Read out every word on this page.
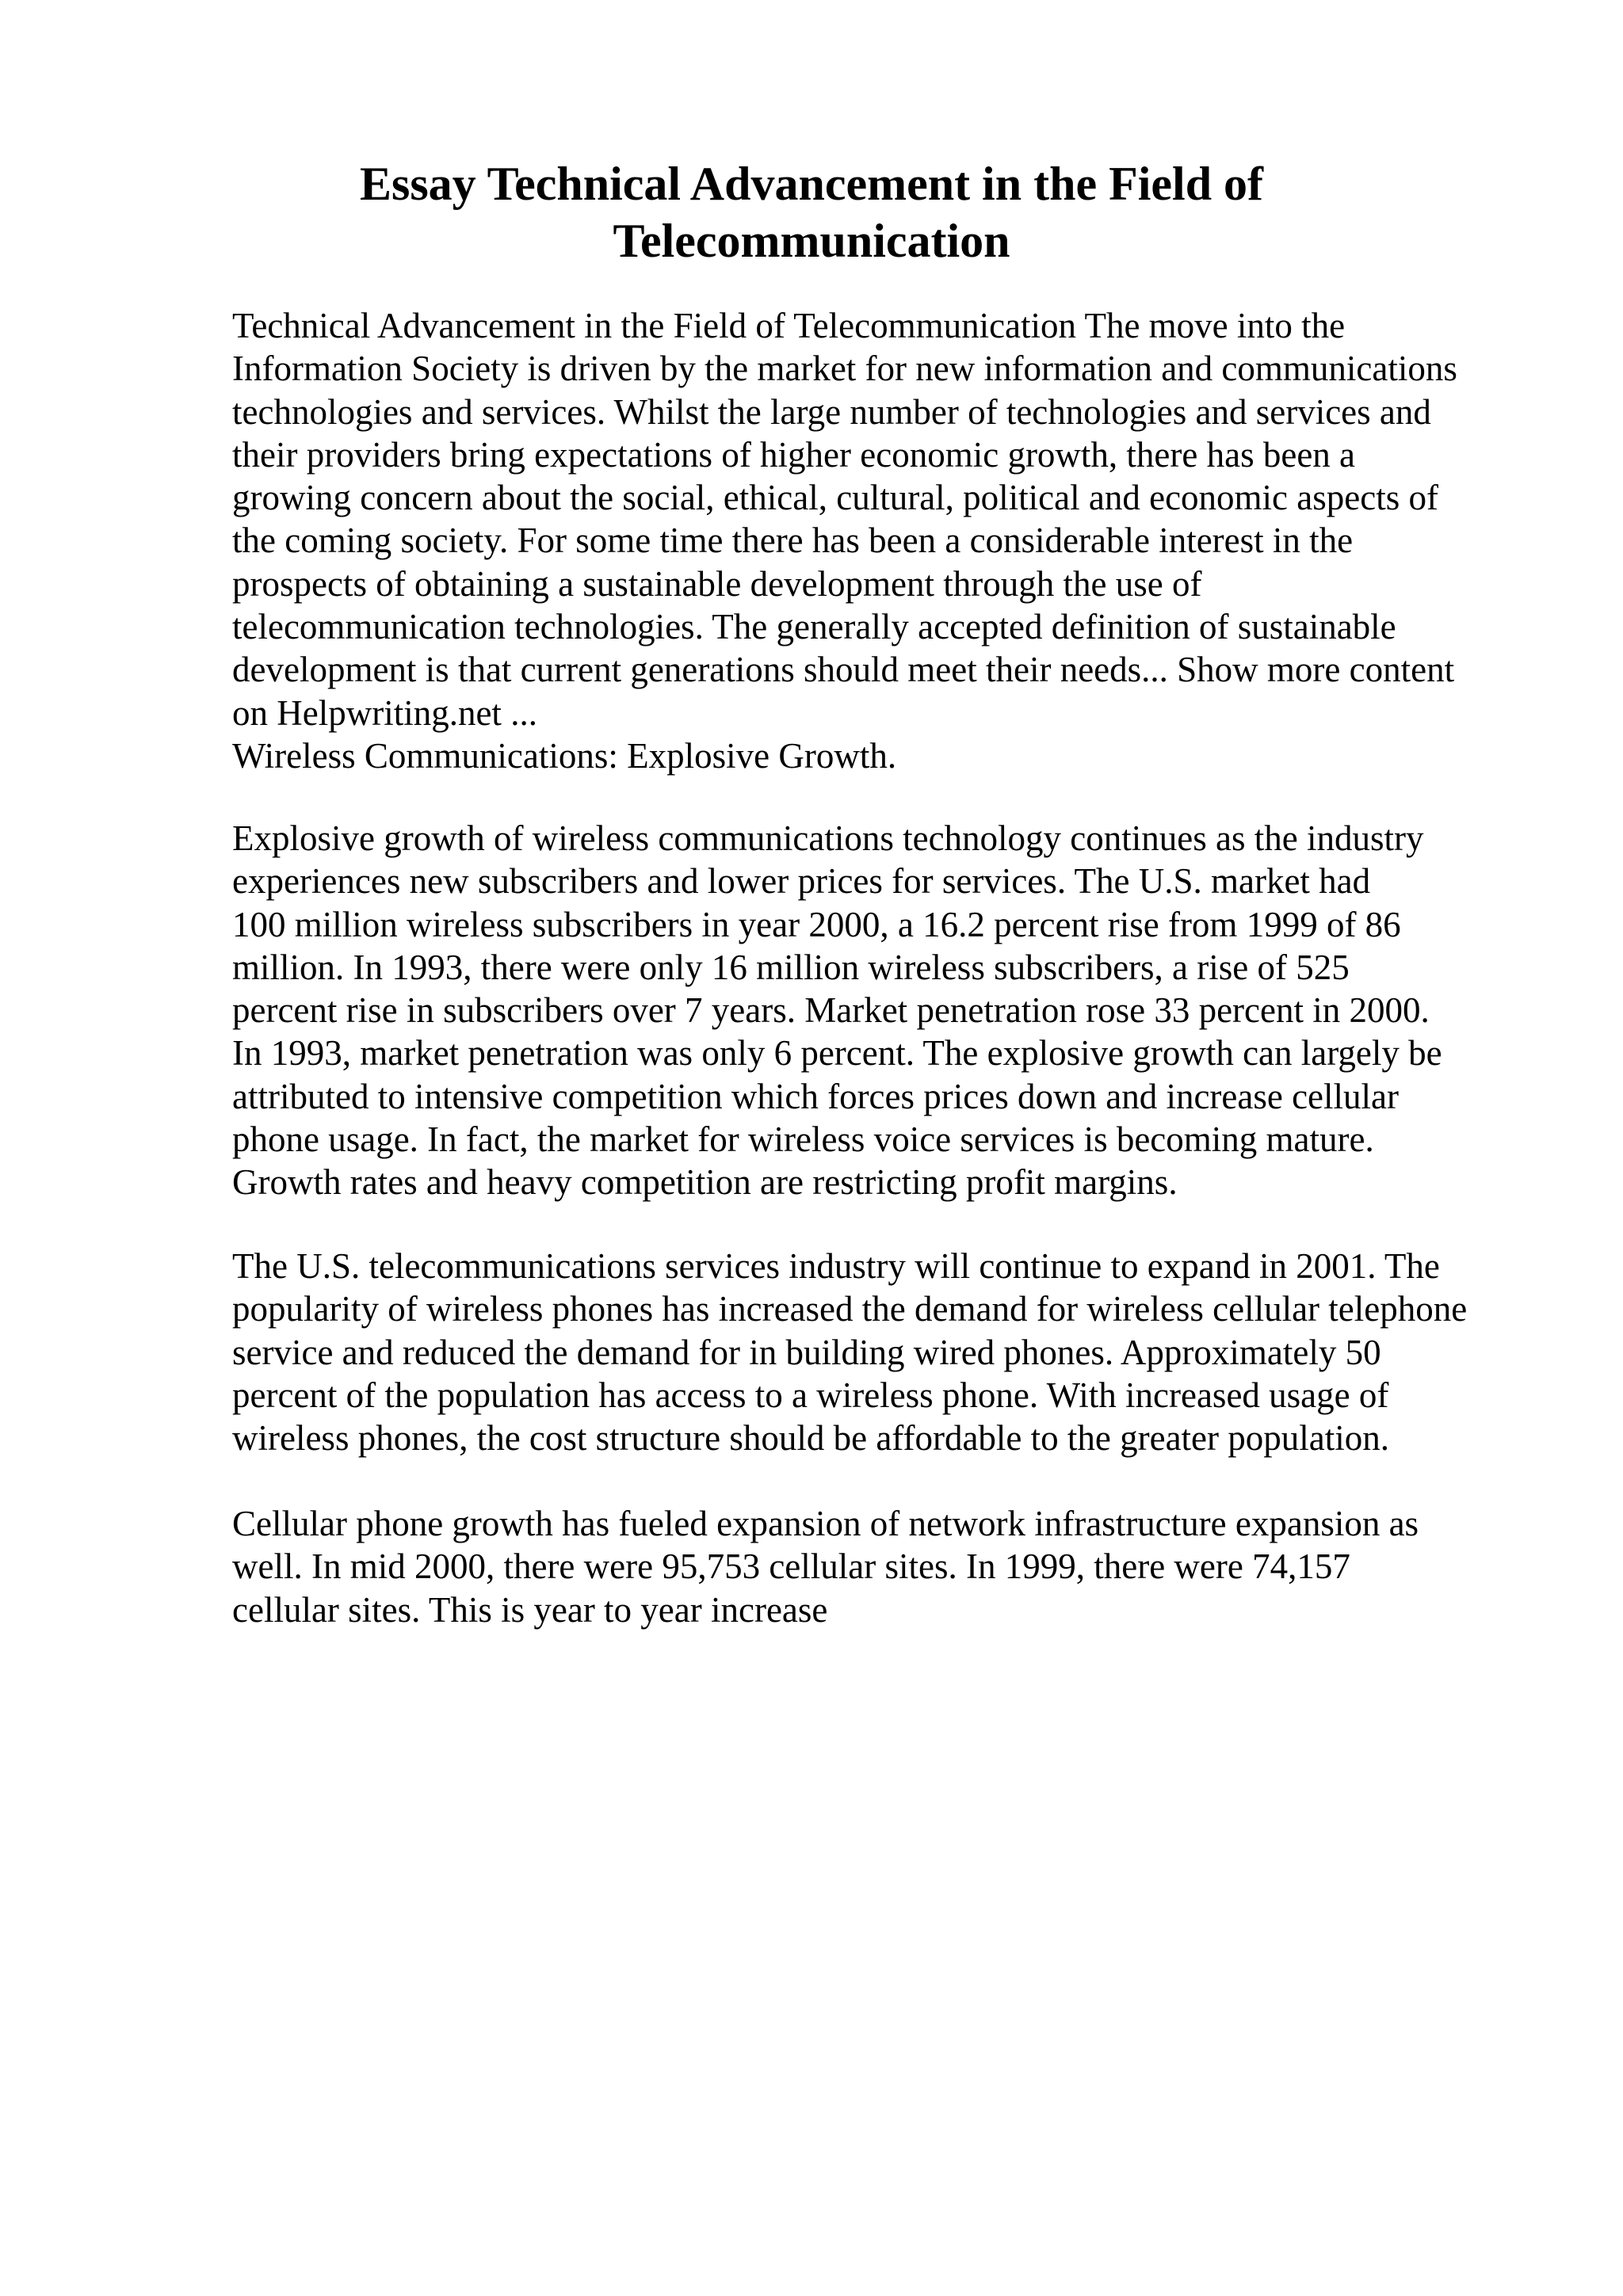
Essay Technical Advancement in the Field of
Telecommunication

Technical Advancement in the Field of Telecommunication The move into the
Information Society is driven by the market for new information and communications
technologies and services. Whilst the large number of technologies and services and
their providers bring expectations of higher economic growth, there has been a
growing concern about the social, ethical, cultural, political and economic aspects of
the coming society. For some time there has been a considerable interest in the
prospects of obtaining a sustainable development through the use of
telecommunication technologies. The generally accepted definition of sustainable
development is that current generations should meet their needs... Show more content
on Helpwriting.net ...
Wireless Communications: Explosive Growth.

Explosive growth of wireless communications technology continues as the industry
experiences new subscribers and lower prices for services. The U.S. market had
100 million wireless subscribers in year 2000, a 16.2 percent rise from 1999 of 86
million. In 1993, there were only 16 million wireless subscribers, a rise of 525
percent rise in subscribers over 7 years. Market penetration rose 33 percent in 2000.
In 1993, market penetration was only 6 percent. The explosive growth can largely be
attributed to intensive competition which forces prices down and increase cellular
phone usage. In fact, the market for wireless voice services is becoming mature.
Growth rates and heavy competition are restricting profit margins.

The U.S. telecommunications services industry will continue to expand in 2001. The
popularity of wireless phones has increased the demand for wireless cellular telephone
service and reduced the demand for in building wired phones. Approximately 50
percent of the population has access to a wireless phone. With increased usage of
wireless phones, the cost structure should be affordable to the greater population.

Cellular phone growth has fueled expansion of network infrastructure expansion as
well. In mid 2000, there were 95,753 cellular sites. In 1999, there were 74,157
cellular sites. This is year to year increase
